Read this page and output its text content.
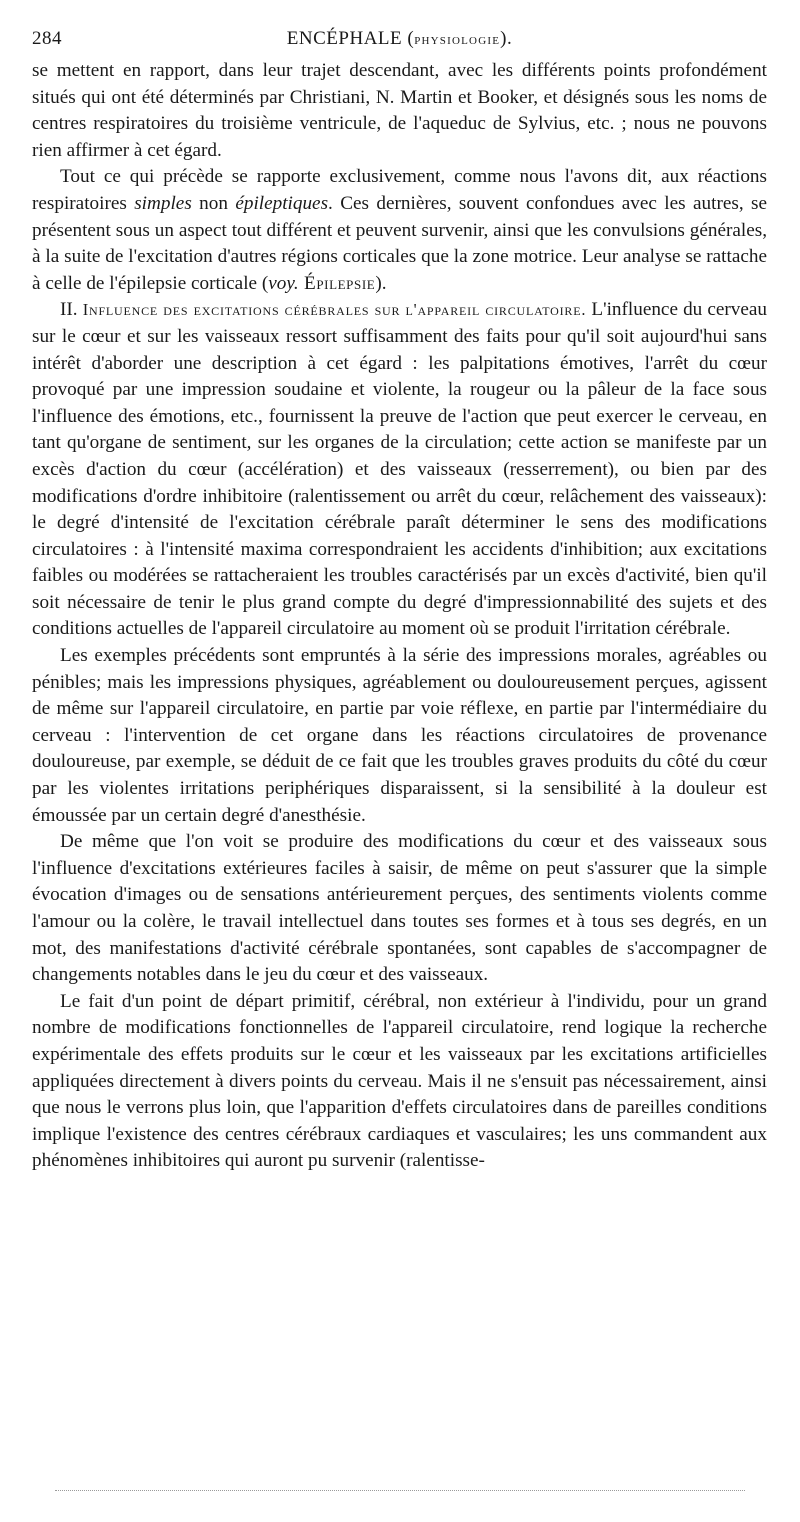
284	ENCÉPHALE (physiologie).

se mettent en rapport, dans leur trajet descendant, avec les différents points profondément situés qui ont été déterminés par Christiani, N. Martin et Booker, et désignés sous les noms de centres respiratoires du troisième ventricule, de l'aqueduc de Sylvius, etc. ; nous ne pouvons rien affirmer à cet égard.

Tout ce qui précède se rapporte exclusivement, comme nous l'avons dit, aux réactions respiratoires simples non épileptiques. Ces dernières, souvent confondues avec les autres, se présentent sous un aspect tout différent et peuvent survenir, ainsi que les convulsions générales, à la suite de l'excitation d'autres régions corticales que la zone motrice. Leur analyse se rattache à celle de l'épilepsie corticale (voy. Épilepsie).

II. Influence des excitations cérébrales sur l'appareil circulatoire. L'influence du cerveau sur le cœur et sur les vaisseaux ressort suffisamment des faits pour qu'il soit aujourd'hui sans intérêt d'aborder une description à cet égard : les palpitations émotives, l'arrêt du cœur provoqué par une impression soudaine et violente, la rougeur ou la pâleur de la face sous l'influence des émotions, etc., fournissent la preuve de l'action que peut exercer le cerveau, en tant qu'organe de sentiment, sur les organes de la circulation; cette action se manifeste par un excès d'action du cœur (accélération) et des vaisseaux (resserrement), ou bien par des modifications d'ordre inhibitoire (ralentissement ou arrêt du cœur, relâchement des vaisseaux): le degré d'intensité de l'excitation cérébrale paraît déterminer le sens des modifications circulatoires : à l'intensité maxima correspondraient les accidents d'inhibition; aux excitations faibles ou modérées se rattacheraient les troubles caractérisés par un excès d'activité, bien qu'il soit nécessaire de tenir le plus grand compte du degré d'impressionnabilité des sujets et des conditions actuelles de l'appareil circulatoire au moment où se produit l'irritation cérébrale.

Les exemples précédents sont empruntés à la série des impressions morales, agréables ou pénibles; mais les impressions physiques, agréablement ou douloureusement perçues, agissent de même sur l'appareil circulatoire, en partie par voie réflexe, en partie par l'intermédiaire du cerveau : l'intervention de cet organe dans les réactions circulatoires de provenance douloureuse, par exemple, se déduit de ce fait que les troubles graves produits du côté du cœur par les violentes irritations periphériques disparaissent, si la sensibilité à la douleur est émoussée par un certain degré d'anesthésie.

De même que l'on voit se produire des modifications du cœur et des vaisseaux sous l'influence d'excitations extérieures faciles à saisir, de même on peut s'assurer que la simple évocation d'images ou de sensations antérieurement perçues, des sentiments violents comme l'amour ou la colère, le travail intellectuel dans toutes ses formes et à tous ses degrés, en un mot, des manifestations d'activité cérébrale spontanées, sont capables de s'accompagner de changements notables dans le jeu du cœur et des vaisseaux.

Le fait d'un point de départ primitif, cérébral, non extérieur à l'individu, pour un grand nombre de modifications fonctionnelles de l'appareil circulatoire, rend logique la recherche expérimentale des effets produits sur le cœur et les vaisseaux par les excitations artificielles appliquées directement à divers points du cerveau. Mais il ne s'ensuit pas nécessairement, ainsi que nous le verrons plus loin, que l'apparition d'effets circulatoires dans de pareilles conditions implique l'existence des centres cérébraux cardiaques et vasculaires; les uns commandent aux phénomènes inhibitoires qui auront pu survenir (ralentisse-
